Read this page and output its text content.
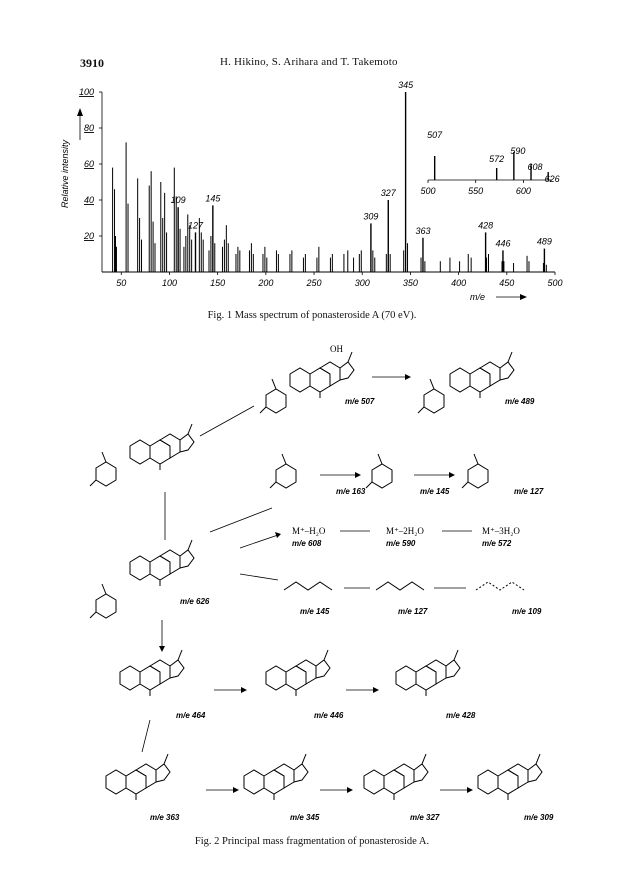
3910	H. Hikino, S. Arihara and T. Takemoto
Relative intensity
m/e
109
127
145
309
327
345
363
428
446	489
50	100	150	200	250	300	350	400	450	500
20
40
60
80
100
500	550	600
507
572
590
608
626
Fig. 1 Mass spectrum of ponasteroside A (70 eV).
OH
m/e 507	m/e 489
m/e 163	m/e 145	m/e 127
m/e 626
M⁺–H₂O
m/e 608
M⁺–2H₂O
m/e 590
M⁺–3H₂O
m/e 572
m/e 145	m/e 127	m/e 109
m/e 464	m/e 446	m/e 428
m/e 363	m/e 345	m/e 327	m/e 309
Fig. 2 Principal mass fragmentation of ponasteroside A.
